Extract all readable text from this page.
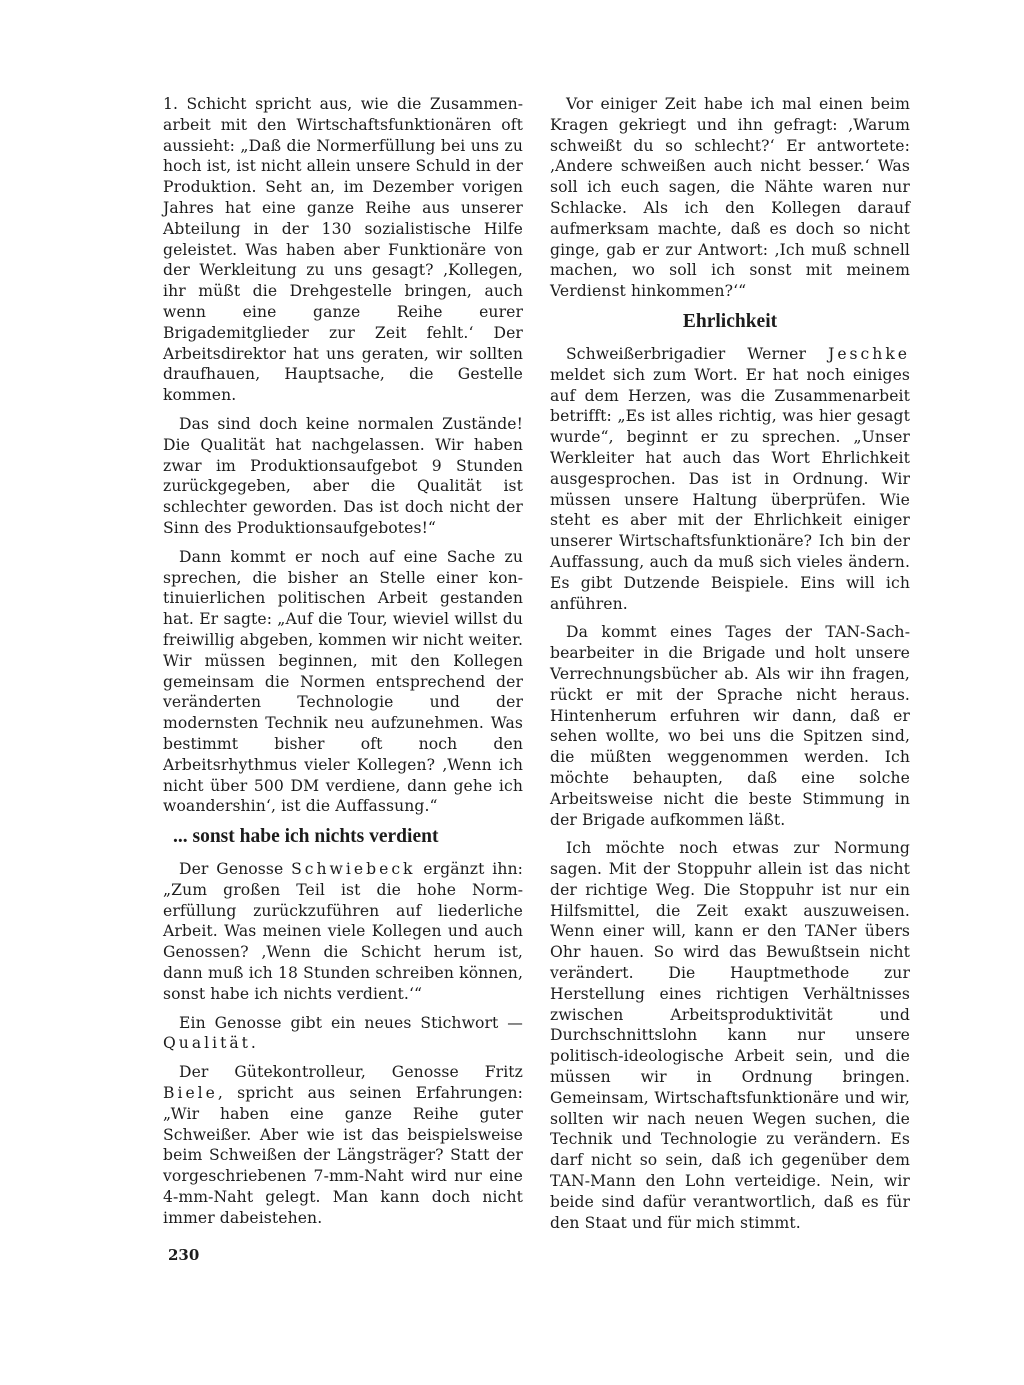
1. Schicht spricht aus, wie die Zusammenarbeit mit den Wirtschaftsfunktionären oft aussieht: „Daß die Normerfüllung bei uns zu hoch ist, ist nicht allein unsere Schuld in der Produktion. Seht an, im Dezember vorigen Jahres hat eine ganze Reihe aus unserer Abteilung in der 130 sozialistische Hilfe geleistet. Was haben aber Funktionäre von der Werkleitung zu uns gesagt? ‚Kollegen, ihr müßt die Drehgestelle bringen, auch wenn eine ganze Reihe eurer Brigademitglieder zur Zeit fehlt.‘ Der Arbeitsdirektor hat uns geraten, wir sollten draufhauen, Hauptsache, die Gestelle kommen.

Das sind doch keine normalen Zustände! Die Qualität hat nachgelassen. Wir haben zwar im Produktionsaufgebot 9 Stunden zurückgegeben, aber die Qualität ist schlechter geworden. Das ist doch nicht der Sinn des Produktionsaufgebotes!“

Dann kommt er noch auf eine Sache zu sprechen, die bisher an Stelle einer kontinuierlichen politischen Arbeit gestanden hat. Er sagte: „Auf die Tour, wieviel willst du freiwillig abgeben, kommen wir nicht weiter. Wir müssen beginnen, mit den Kollegen gemeinsam die Normen entsprechend der veränderten Technologie und der modernsten Technik neu aufzunehmen. Was bestimmt bisher oft noch den Arbeitsrhythmus vieler Kollegen? ‚Wenn ich nicht über 500 DM verdiene, dann gehe ich woandershin‘, ist die Auffassung.“

... sonst habe ich nichts verdient

Der Genosse Schwiebeck ergänzt ihn: „Zum großen Teil ist die hohe Normerfüllung zurückzuführen auf liederliche Arbeit. Was meinen viele Kollegen und auch Genossen? ‚Wenn die Schicht herum ist, dann muß ich 18 Stunden schreiben können, sonst habe ich nichts verdient.‘“

Ein Genosse gibt ein neues Stichwort — Qualität.

Der Gütekontrolleur, Genosse Fritz Biele, spricht aus seinen Erfahrungen: „Wir haben eine ganze Reihe guter Schweißer. Aber wie ist das beispielsweise beim Schweißen der Längsträger? Statt der vorgeschriebenen 7-mm-Naht wird nur eine 4-mm-Naht gelegt. Man kann doch nicht immer dabeistehen.

Vor einiger Zeit habe ich mal einen beim Kragen gekriegt und ihn gefragt: ‚Warum schweißt du so schlecht?‘ Er antwortete: ‚Andere schweißen auch nicht besser.‘ Was soll ich euch sagen, die Nähte waren nur Schlacke. Als ich den Kollegen darauf aufmerksam machte, daß es doch so nicht ginge, gab er zur Antwort: ‚Ich muß schnell machen, wo soll ich sonst mit meinem Verdienst hinkommen?‘“

Ehrlichkeit

Schweißerbrigadier Werner Jeschke meldet sich zum Wort. Er hat noch einiges auf dem Herzen, was die Zusammenarbeit betrifft: „Es ist alles richtig, was hier gesagt wurde“, beginnt er zu sprechen. „Unser Werkleiter hat auch das Wort Ehrlichkeit ausgesprochen. Das ist in Ordnung. Wir müssen unsere Haltung überprüfen. Wie steht es aber mit der Ehrlichkeit einiger unserer Wirtschaftsfunktionäre? Ich bin der Auffassung, auch da muß sich vieles ändern. Es gibt Dutzende Beispiele. Eins will ich anführen.

Da kommt eines Tages der TAN-Sachbearbeiter in die Brigade und holt unsere Verrechnungsbücher ab. Als wir ihn fragen, rückt er mit der Sprache nicht heraus. Hintenherum erfuhren wir dann, daß er sehen wollte, wo bei uns die Spitzen sind, die müßten weggenommen werden. Ich möchte behaupten, daß eine solche Arbeitsweise nicht die beste Stimmung in der Brigade aufkommen läßt.

Ich möchte noch etwas zur Normung sagen. Mit der Stoppuhr allein ist das nicht der richtige Weg. Die Stoppuhr ist nur ein Hilfsmittel, die Zeit exakt auszuweisen. Wenn einer will, kann er den TANer übers Ohr hauen. So wird das Bewußtsein nicht verändert. Die Hauptmethode zur Herstellung eines richtigen Verhältnisses zwischen Arbeitsproduktivität und Durchschnittslohn kann nur unsere politisch-ideologische Arbeit sein, und die müssen wir in Ordnung bringen. Gemeinsam, Wirtschaftsfunktionäre und wir, sollten wir nach neuen Wegen suchen, die Technik und Technologie zu verändern. Es darf nicht so sein, daß ich gegenüber dem TAN-Mann den Lohn verteidige. Nein, wir beide sind dafür verantwortlich, daß es für den Staat und für mich stimmt.

230
